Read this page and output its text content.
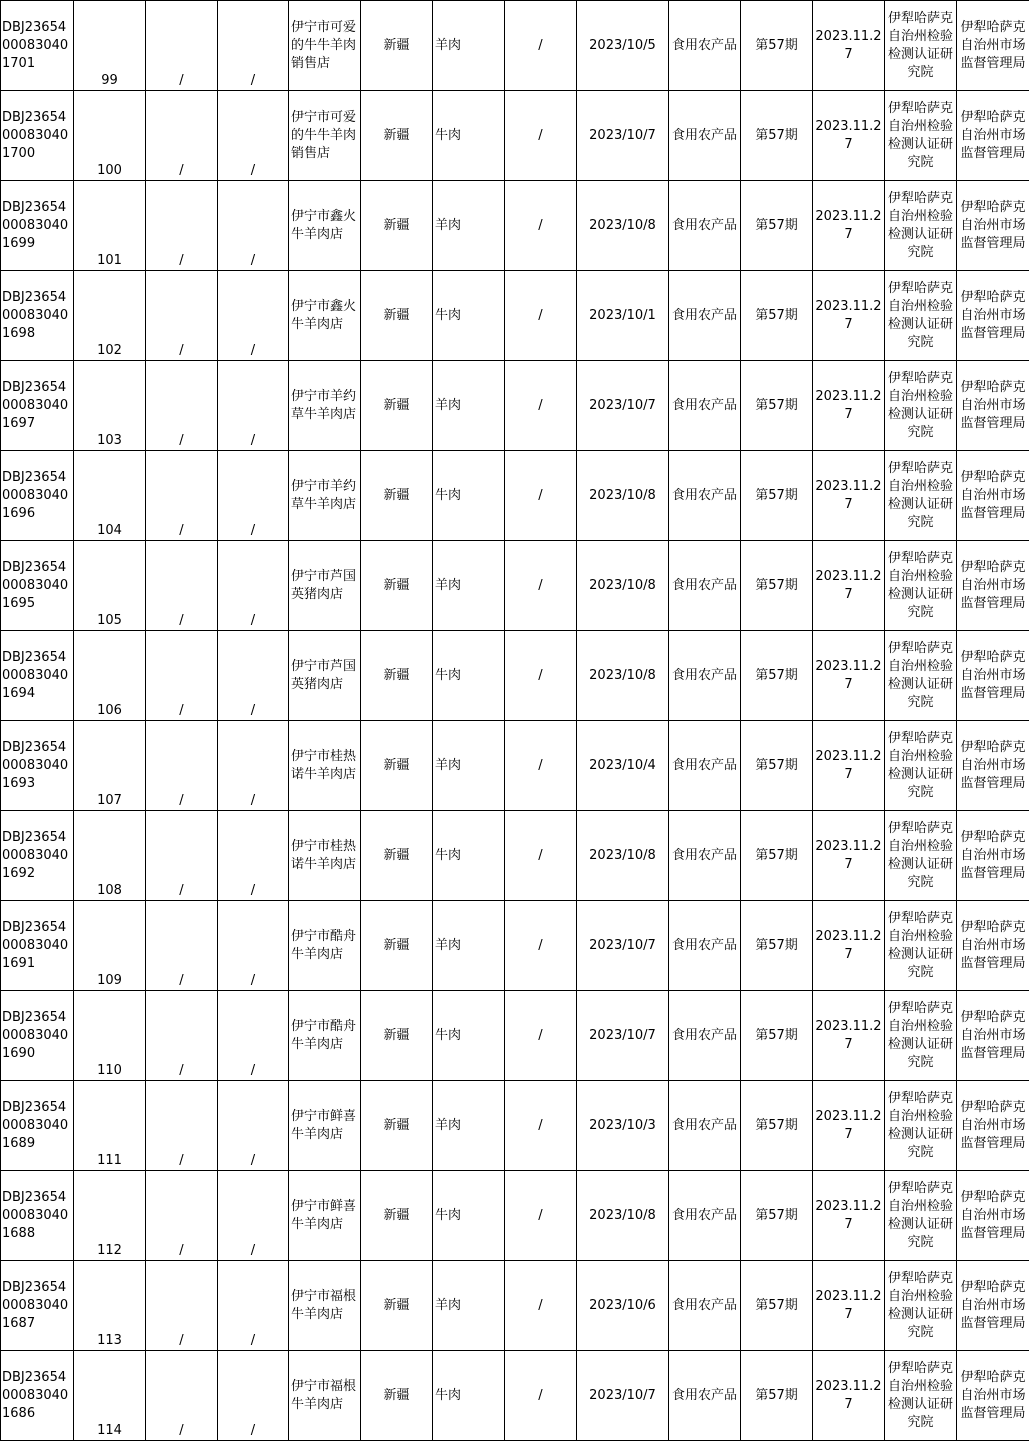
DBJ23654000830401701	99	/	/	伊宁市可爱的牛牛羊肉销售店	新疆	羊肉	/	2023/10/5	食用农产品	第57期	2023.11.27	伊犁哈萨克自治州检验检测认证研究院	伊犁哈萨克自治州市场监督管理局
DBJ23654000830401700	100	/	/	伊宁市可爱的牛牛羊肉销售店	新疆	牛肉	/	2023/10/7	食用农产品	第57期	2023.11.27	伊犁哈萨克自治州检验检测认证研究院	伊犁哈萨克自治州市场监督管理局
DBJ23654000830401699	101	/	/	伊宁市鑫火牛羊肉店	新疆	羊肉	/	2023/10/8	食用农产品	第57期	2023.11.27	伊犁哈萨克自治州检验检测认证研究院	伊犁哈萨克自治州市场监督管理局
DBJ23654000830401698	102	/	/	伊宁市鑫火牛羊肉店	新疆	牛肉	/	2023/10/1	食用农产品	第57期	2023.11.27	伊犁哈萨克自治州检验检测认证研究院	伊犁哈萨克自治州市场监督管理局
DBJ23654000830401697	103	/	/	伊宁市羊约草牛羊肉店	新疆	羊肉	/	2023/10/7	食用农产品	第57期	2023.11.27	伊犁哈萨克自治州检验检测认证研究院	伊犁哈萨克自治州市场监督管理局
DBJ23654000830401696	104	/	/	伊宁市羊约草牛羊肉店	新疆	牛肉	/	2023/10/8	食用农产品	第57期	2023.11.27	伊犁哈萨克自治州检验检测认证研究院	伊犁哈萨克自治州市场监督管理局
DBJ23654000830401695	105	/	/	伊宁市芦国英猪肉店	新疆	羊肉	/	2023/10/8	食用农产品	第57期	2023.11.27	伊犁哈萨克自治州检验检测认证研究院	伊犁哈萨克自治州市场监督管理局
DBJ23654000830401694	106	/	/	伊宁市芦国英猪肉店	新疆	牛肉	/	2023/10/8	食用农产品	第57期	2023.11.27	伊犁哈萨克自治州检验检测认证研究院	伊犁哈萨克自治州市场监督管理局
DBJ23654000830401693	107	/	/	伊宁市桂热诺牛羊肉店	新疆	羊肉	/	2023/10/4	食用农产品	第57期	2023.11.27	伊犁哈萨克自治州检验检测认证研究院	伊犁哈萨克自治州市场监督管理局
DBJ23654000830401692	108	/	/	伊宁市桂热诺牛羊肉店	新疆	牛肉	/	2023/10/8	食用农产品	第57期	2023.11.27	伊犁哈萨克自治州检验检测认证研究院	伊犁哈萨克自治州市场监督管理局
DBJ23654000830401691	109	/	/	伊宁市酷舟牛羊肉店	新疆	羊肉	/	2023/10/7	食用农产品	第57期	2023.11.27	伊犁哈萨克自治州检验检测认证研究院	伊犁哈萨克自治州市场监督管理局
DBJ23654000830401690	110	/	/	伊宁市酷舟牛羊肉店	新疆	牛肉	/	2023/10/7	食用农产品	第57期	2023.11.27	伊犁哈萨克自治州检验检测认证研究院	伊犁哈萨克自治州市场监督管理局
DBJ23654000830401689	111	/	/	伊宁市鲜喜牛羊肉店	新疆	羊肉	/	2023/10/3	食用农产品	第57期	2023.11.27	伊犁哈萨克自治州检验检测认证研究院	伊犁哈萨克自治州市场监督管理局
DBJ23654000830401688	112	/	/	伊宁市鲜喜牛羊肉店	新疆	牛肉	/	2023/10/8	食用农产品	第57期	2023.11.27	伊犁哈萨克自治州检验检测认证研究院	伊犁哈萨克自治州市场监督管理局
DBJ23654000830401687	113	/	/	伊宁市福根牛羊肉店	新疆	羊肉	/	2023/10/6	食用农产品	第57期	2023.11.27	伊犁哈萨克自治州检验检测认证研究院	伊犁哈萨克自治州市场监督管理局
DBJ23654000830401686	114	/	/	伊宁市福根牛羊肉店	新疆	牛肉	/	2023/10/7	食用农产品	第57期	2023.11.27	伊犁哈萨克自治州检验检测认证研究院	伊犁哈萨克自治州市场监督管理局
